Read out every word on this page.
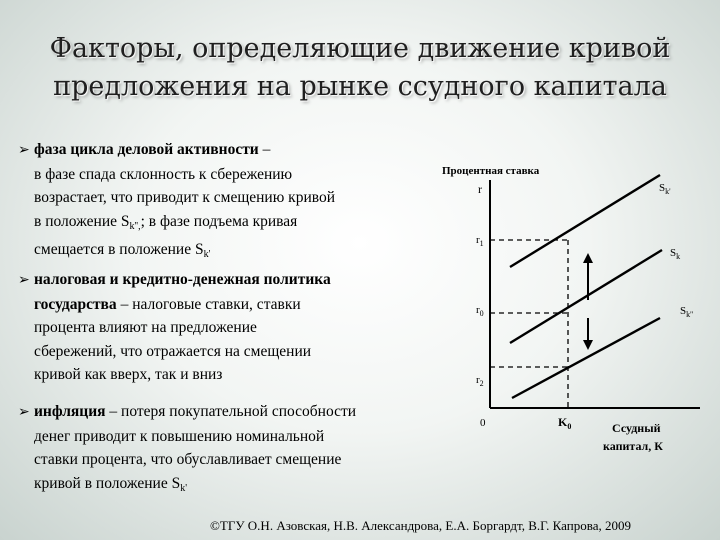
Факторы, определяющие движение кривой
предложения на рынке ссудного капитала
➢ фаза цикла деловой активности –
в фазе спада склонность к сбережению
возрастает, что приводит к смещению кривой
в положение $S_{k'',}$; в фазе подъема кривая
смещается в положение $S_{k'}$
➢ налоговая и кредитно-денежная политика
государства – налоговые ставки, ставки
процента влияют на предложение
сбережений, что отражается на смещении
кривой как вверх, так и вниз
➢ инфляция – потеря покупательной способности
денег приводит к повышению номинальной
ставки процента, что обуславливает смещение
кривой в положение $S_{k'}$
Процентная ставка
r
$r_1$
$r_0$
$r_2$
0	$K_0$	Ссудный
капитал, К
$S_{k'}$
$S_k$
$S_{k''}$
©ТГУ О.Н. Азовская, Н.В. Александрова, Е.А. Боргардт, В.Г. Капрова, 2009
